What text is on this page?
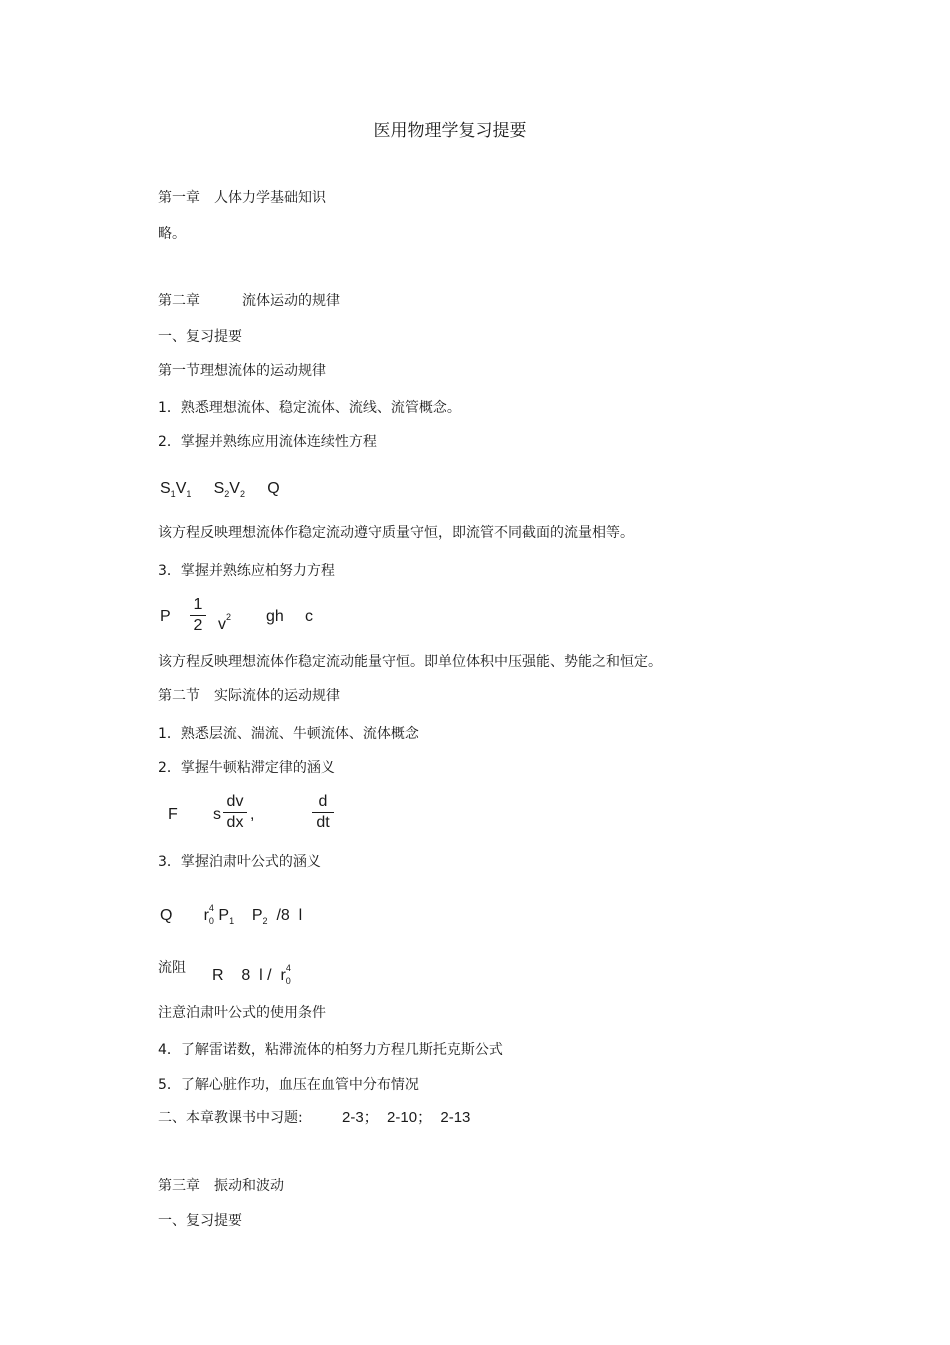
医用物理学复习提要
第一章　人体力学基础知识
略。
第二章　　　流体运动的规律
一、复习提要
第一节理想流体的运动规律
1．熟悉理想流体、稳定流体、流线、流管概念。
2．掌握并熟练应用流体连续性方程
$S_1V_1$ $S_2V_2$ Q
该方程反映理想流体作稳定流动遵守质量守恒，即流管不同截面的流量相等。
3．掌握并熟练应柏努力方程
P
1
2 $v^2$ gh c
该方程反映理想流体作稳定流动能量守恒。即单位体积中压强能、势能之和恒定。
第二节　实际流体的运动规律
1．熟悉层流、湍流、牛顿流体、流体概念
2．掌握牛顿粘滞定律的涵义
F s
dv
dx ,
d
dt
3．掌握泊肃叶公式的涵义
Q $r_0^4$ $P_1$ $P_2$ /8  l
流阻 R 8  l / $r_0^4$
注意泊肃叶公式的使用条件
4．了解雷诺数，粘滞流体的柏努力方程几斯托克斯公式
5．了解心脏作功，血压在血管中分布情况
二、本章教课书中习题:	2-3；  2-10；  2-13
第三章　振动和波动
一、复习提要
